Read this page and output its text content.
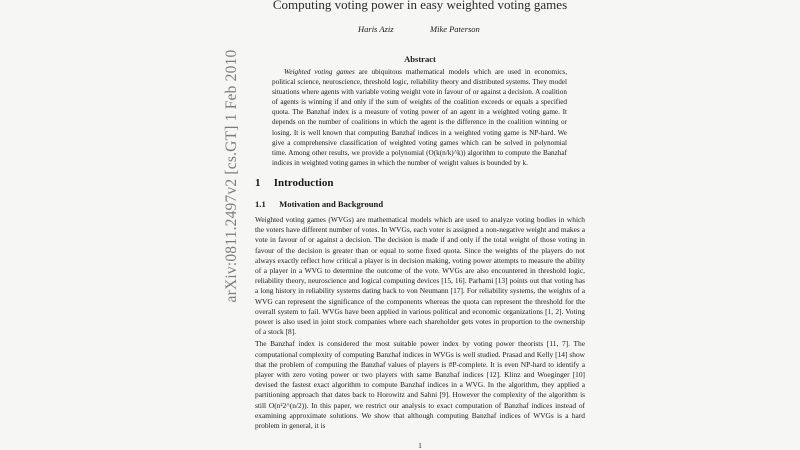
arXiv:0811.2497v2 [cs.GT] 1 Feb 2010
Computing voting power in easy weighted voting games
Haris Aziz	Mike Paterson
Abstract
Weighted voting games are ubiquitous mathematical models which are used in economics, political science, neuroscience, threshold logic, reliability theory and distributed systems. They model situations where agents with variable voting weight vote in favour of or against a decision. A coalition of agents is winning if and only if the sum of weights of the coalition exceeds or equals a specified quota. The Banzhaf index is a measure of voting power of an agent in a weighted voting game. It depends on the number of coalitions in which the agent is the difference in the coalition winning or losing. It is well known that computing Banzhaf indices in a weighted voting game is NP-hard. We give a comprehensive classification of weighted voting games which can be solved in polynomial time. Among other results, we provide a polynomial (O(k(n/k)^k)) algorithm to compute the Banzhaf indices in weighted voting games in which the number of weight values is bounded by k.
1 Introduction
1.1 Motivation and Background

Weighted voting games (WVGs) are mathematical models which are used to analyze voting bodies in which the voters have different number of votes. In WVGs, each voter is assigned a non-negative weight and makes a vote in favour of or against a decision. The decision is made if and only if the total weight of those voting in favour of the decision is greater than or equal to some fixed quota. Since the weights of the players do not always exactly reflect how critical a player is in decision making, voting power attempts to measure the ability of a player in a WVG to determine the outcome of the vote. WVGs are also encountered in threshold logic, reliability theory, neuroscience and logical computing devices [15, 16]. Parhami [13] points out that voting has a long history in reliability systems dating back to von Neumann [17]. For reliability systems, the weights of a WVG can represent the significance of the components whereas the quota can represent the threshold for the overall system to fail. WVGs have been applied in various political and economic organizations [1, 2]. Voting power is also used in joint stock companies where each shareholder gets votes in proportion to the ownership of a stock [8].

The Banzhaf index is considered the most suitable power index by voting power theorists [11, 7]. The computational complexity of computing Banzhaf indices in WVGs is well studied. Prasad and Kelly [14] show that the problem of computing the Banzhaf values of players is #P-complete. It is even NP-hard to identify a player with zero voting power or two players with same Banzhaf indices [12]. Klinz and Woeginger [10] devised the fastest exact algorithm to compute Banzhaf indices in a WVG. In the algorithm, they applied a partitioning approach that dates back to Horowitz and Sahni [9]. However the complexity of the algorithm is still O(n²2^(n/2)). In this paper, we restrict our analysis to exact computation of Banzhaf indices instead of examining approximate solutions. We show that although computing Banzhaf indices of WVGs is a hard problem in general, it is

1
